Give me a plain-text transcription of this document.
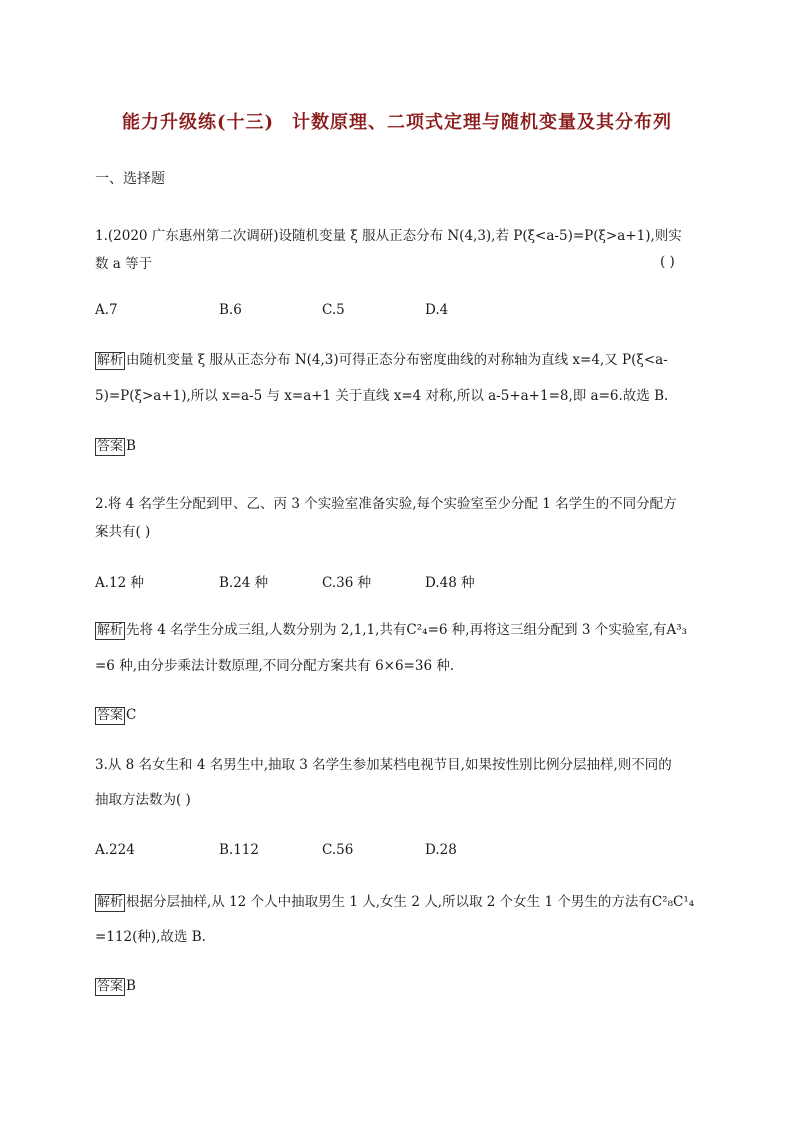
能力升级练(十三) 计数原理、二项式定理与随机变量及其分布列
一、选择题
1.(2020 广东惠州第二次调研)设随机变量 ξ 服从正态分布 N(4,3),若 P(ξ<a-5)=P(ξ>a+1),则实
数 a 等于	( )
A.7	B.6	C.5	D.4
解析 由随机变量 ξ 服从正态分布 N(4,3)可得正态分布密度曲线的对称轴为直线 x=4,又 P(ξ<a-
5)=P(ξ>a+1),所以 x=a-5 与 x=a+1 关于直线 x=4 对称,所以 a-5+a+1=8,即 a=6.故选 B.
答案 B
2.将 4 名学生分配到甲、乙、丙 3 个实验室准备实验,每个实验室至少分配 1 名学生的不同分配方
案共有( )
A.12 种	B.24 种	C.36 种	D.48 种
解析 先将 4 名学生分成三组,人数分别为 2,1,1,共有C²₄=6 种,再将这三组分配到 3 个实验室,有A³₃
=6 种,由分步乘法计数原理,不同分配方案共有 6×6=36 种.
答案 C
3.从 8 名女生和 4 名男生中,抽取 3 名学生参加某档电视节目,如果按性别比例分层抽样,则不同的
抽取方法数为( )
A.224	B.112	C.56	D.28
解析 根据分层抽样,从 12 个人中抽取男生 1 人,女生 2 人,所以取 2 个女生 1 个男生的方法有C²₈C¹₄
=112(种),故选 B.
答案 B
